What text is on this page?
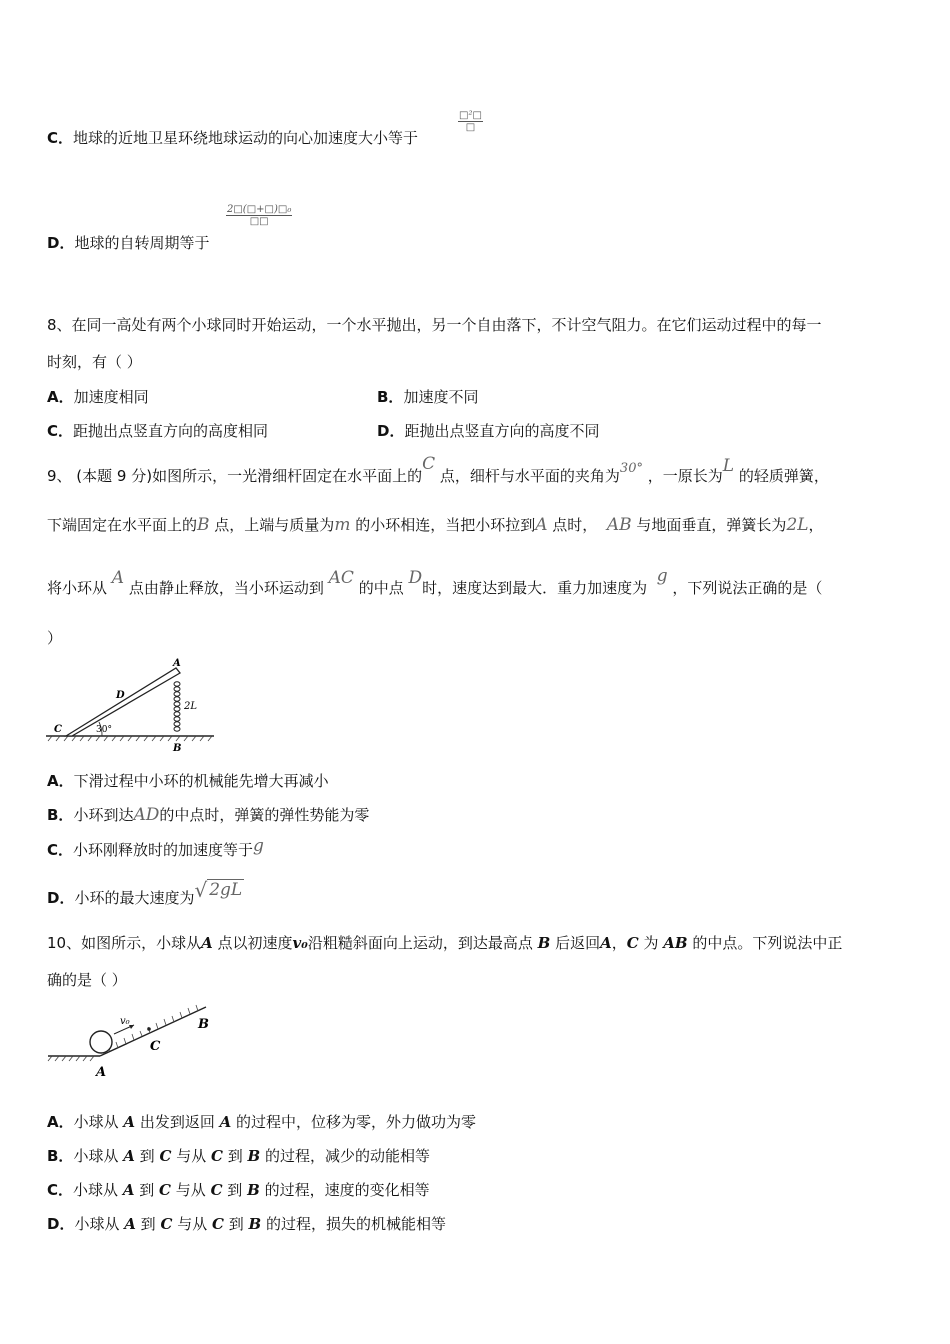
C．地球的近地卫星环绕地球运动的向心加速度大小等于
□²□
□
D．地球的自转周期等于
2□(□+□)□₀
□□
8、在同一高处有两个小球同时开始运动，一个水平抛出，另一个自由落下，不计空气阻力。在它们运动过程中的每一
时刻，有（ ）
A．加速度相同	B．加速度不同
C．距抛出点竖直方向的高度相同	D．距抛出点竖直方向的高度不同
9、 (本题 9 分)如图所示，一光滑细杆固定在水平面上的C 点，细杆与水平面的夹角为30° ，一原长为L 的轻质弹簧，
下端固定在水平面上的B 点，上端与质量为m 的小环相连，当把小环拉到A 点时， AB 与地面垂直，弹簧长为2L，
将小环从 A 点由静止释放，当小环运动到 AC 的中点 D时，速度达到最大．重力加速度为  g ，下列说法正确的是（
）
A
B
C
D
2L
30°
A．下滑过程中小环的机械能先增大再减小
B．小环到达AD的中点时，弹簧的弹性势能为零
C．小环刚释放时的加速度等于g
D．小环的最大速度为√ 2gL
10、如图所示，小球从A 点以初速度v₀沿粗糙斜面向上运动，到达最高点 B 后返回A，C 为 AB 的中点。下列说法中正
确的是（ ）
v₀
C
B
A
A．小球从 A 出发到返回 A 的过程中，位移为零，外力做功为零
B．小球从 A 到 C 与从 C 到 B 的过程，减少的动能相等
C．小球从 A 到 C 与从 C 到 B 的过程，速度的变化相等
D．小球从 A 到 C 与从 C 到 B 的过程，损失的机械能相等
